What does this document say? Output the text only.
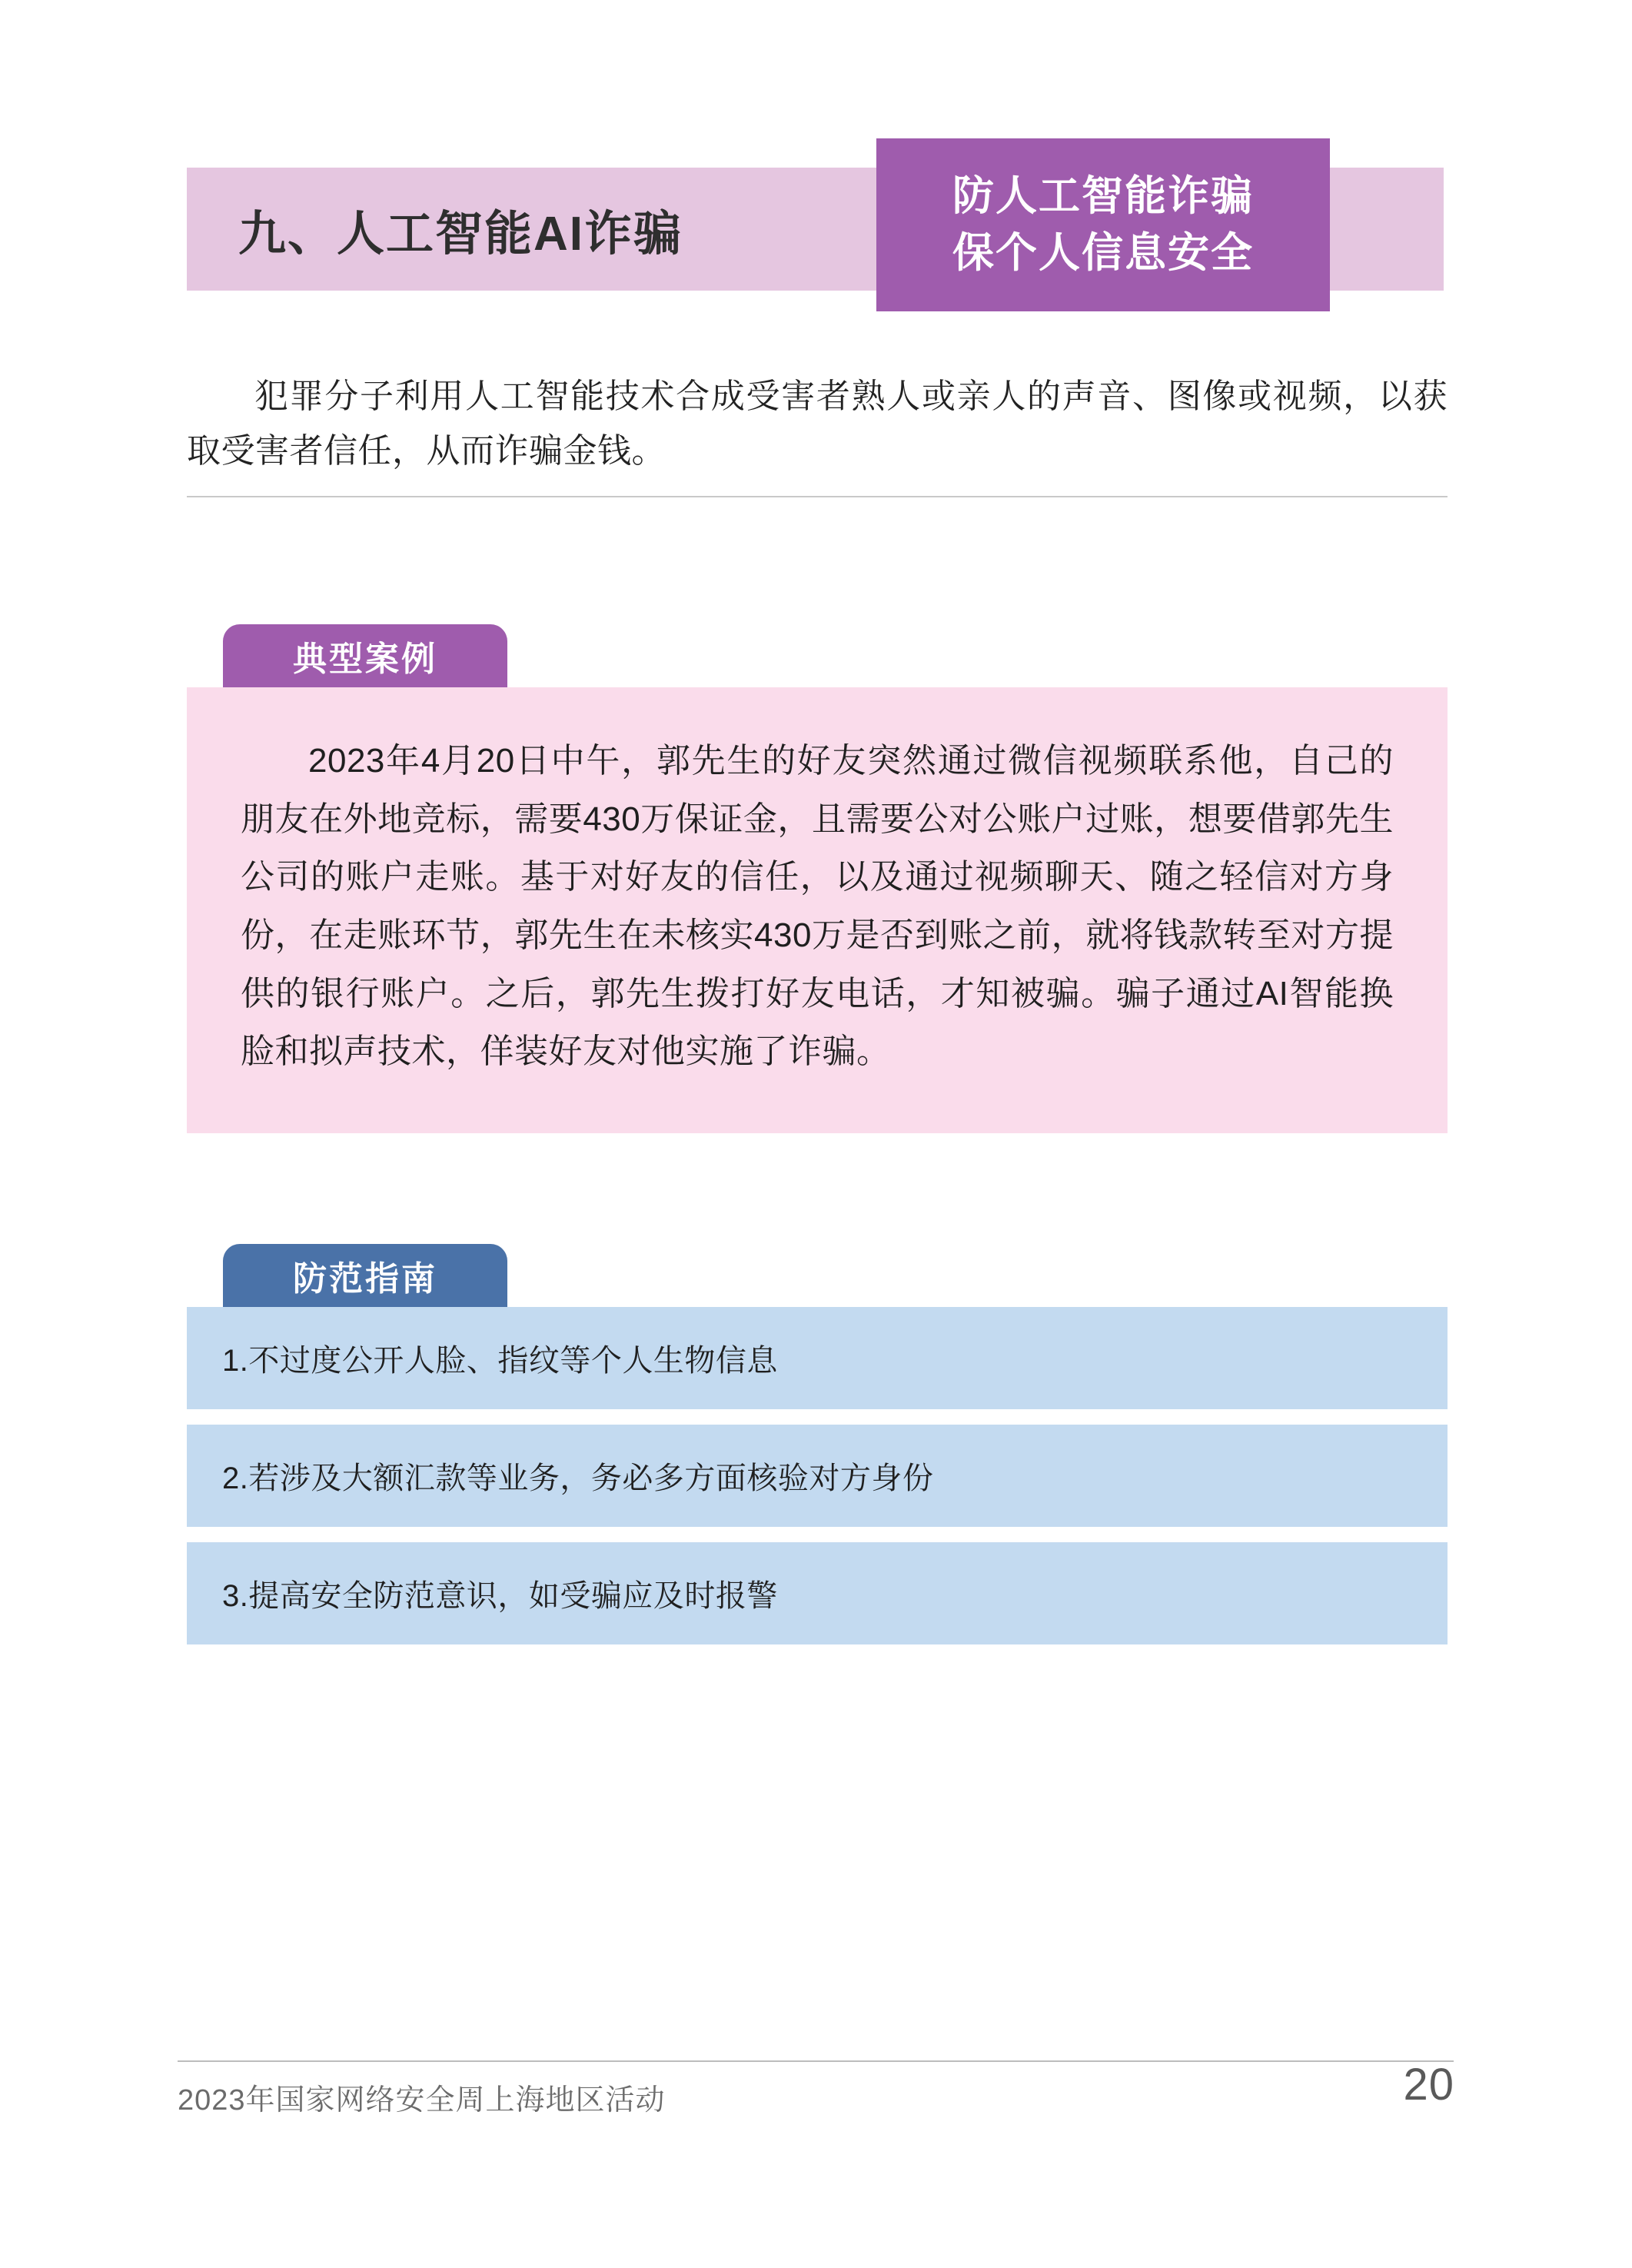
九、人工智能AI诈骗
防人工智能诈骗
保个人信息安全
犯罪分子利用人工智能技术合成受害者熟人或亲人的声音、图像或视频，以获取受害者信任，从而诈骗金钱。
典型案例
2023年4月20日中午，郭先生的好友突然通过微信视频联系他，自己的朋友在外地竞标，需要430万保证金，且需要公对公账户过账，想要借郭先生公司的账户走账。基于对好友的信任，以及通过视频聊天、随之轻信对方身份，在走账环节，郭先生在未核实430万是否到账之前，就将钱款转至对方提供的银行账户。之后，郭先生拨打好友电话，才知被骗。骗子通过AI智能换脸和拟声技术，佯装好友对他实施了诈骗。
防范指南
1.不过度公开人脸、指纹等个人生物信息
2.若涉及大额汇款等业务，务必多方面核验对方身份
3.提高安全防范意识，如受骗应及时报警
2023年国家网络安全周上海地区活动	20
